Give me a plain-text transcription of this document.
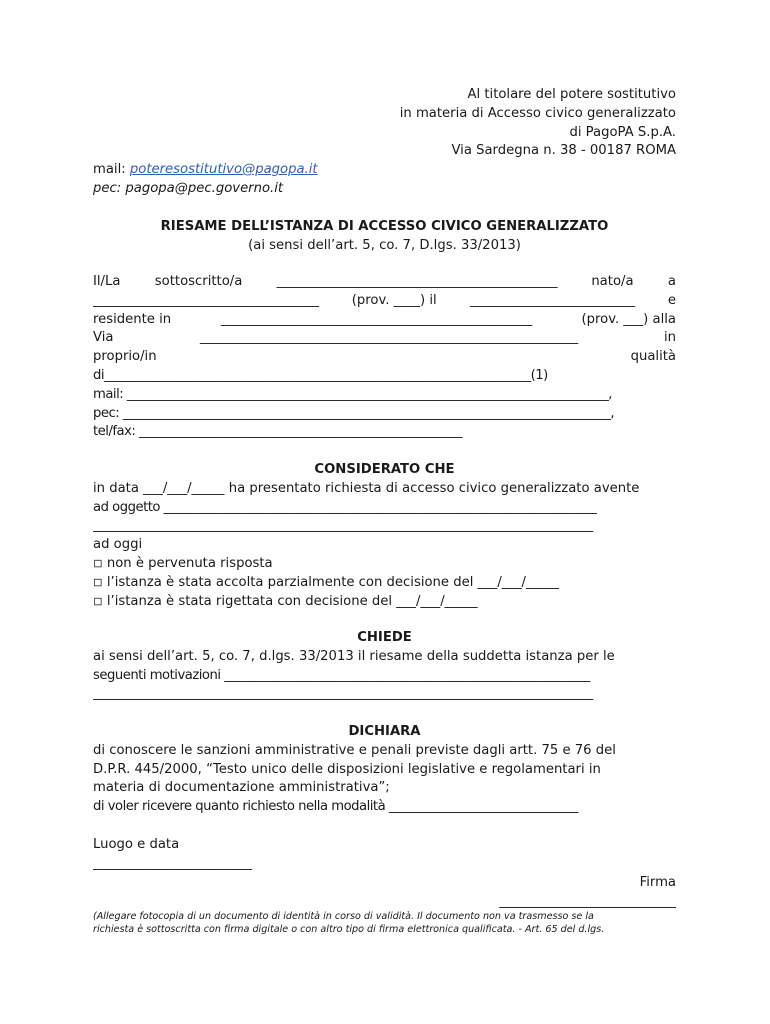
Al titolare del potere sostitutivo
in materia di Accesso civico generalizzato
di PagoPA S.p.A.
Via Sardegna n. 38 - 00187 ROMA
mail: poteresostitutivo@pagopa.it
pec: pagopa@pec.governo.it
RIESAME DELL’ISTANZA DI ACCESSO CIVICO GENERALIZZATO
(ai sensi dell’art. 5, co. 7, D.lgs. 33/2013)
Il/La	sottoscritto/a	______________________________________________	nato/a	a
_____________________________________	(prov. ____) il	___________________________	e
residente in	___________________________________________________	(prov. ___) alla
Via	______________________________________________________________	in
proprio/in	qualità
di______________________________________________________________________(1)
mail: _______________________________________________________________________________,
pec: ________________________________________________________________________________,
tel/fax: _____________________________________________________
CONSIDERATO CHE
in data ___/___/_____ ha presentato richiesta di accesso civico generalizzato avente
ad oggetto _______________________________________________________________________
__________________________________________________________________________________
ad oggi
◽ non è pervenuta risposta
◽ l’istanza è stata accolta parzialmente con decisione del ___/___/_____
◽ l’istanza è stata rigettata con decisione del ___/___/_____
CHIEDE
ai sensi dell’art. 5, co. 7, d.lgs. 33/2013 il riesame della suddetta istanza per le
seguenti motivazioni ____________________________________________________________
__________________________________________________________________________________
DICHIARA
di conoscere le sanzioni amministrative e penali previste dagli artt. 75 e 76 del
D.P.R. 445/2000, “Testo unico delle disposizioni legislative e regolamentari in
materia di documentazione amministrativa”;
di voler ricevere quanto richiesto nella modalità _______________________________
Luogo e data
__________________________
Firma
_____________________________
(Allegare fotocopia di un documento di identità in corso di validità. Il documento non va trasmesso se la
richiesta è sottoscritta con firma digitale o con altro tipo di firma elettronica qualificata. - Art. 65 del d.lgs.
